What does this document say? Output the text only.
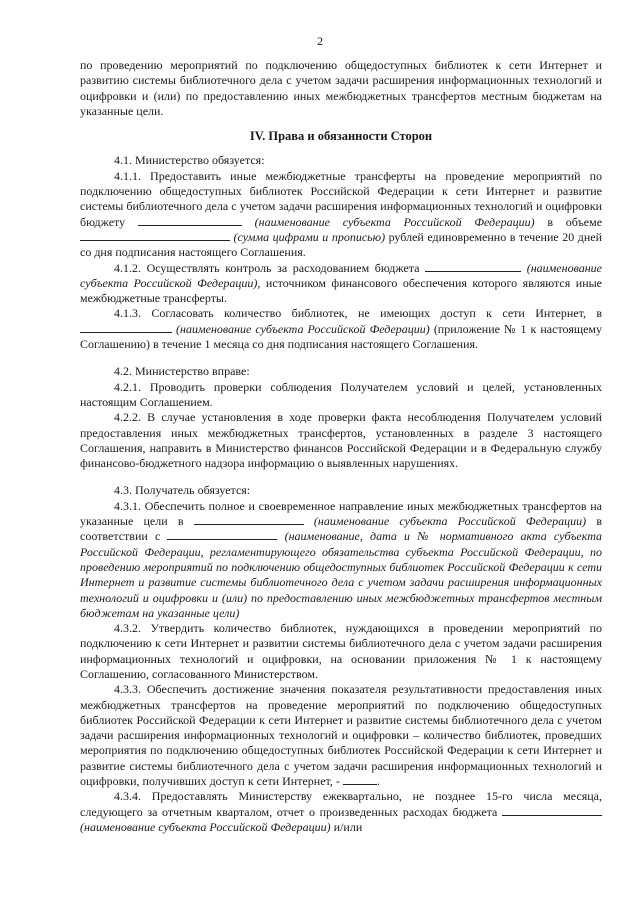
2

по проведению мероприятий по подключению общедоступных библиотек к сети Интернет и развитию системы библиотечного дела с учетом задачи расширения информационных технологий и оцифровки и (или) по предоставлению иных межбюджетных трансфертов местным бюджетам на указанные цели.

IV. Права и обязанности Сторон

4.1. Министерство обязуется:

4.1.1. Предоставить иные межбюджетные трансферты на проведение мероприятий по подключению общедоступных библиотек Российской Федерации к сети Интернет и развитие системы библиотечного дела с учетом задачи расширения информационных технологий и оцифровки бюджету	(наименование субъекта Российской Федерации) в объеме  (сумма цифрами и прописью) рублей единовременно в течение 20 дней со дня подписания настоящего Соглашения.

4.1.2. Осуществлять контроль за расходованием бюджета	(наименование субъекта Российской Федерации), источником финансового обеспечения которого являются иные межбюджетные трансферты.

4.1.3. Согласовать количество библиотек, не имеющих доступ к сети Интернет, в  (наименование субъекта Российской Федерации) (приложение № 1 к настоящему Соглашению) в течение 1 месяца со дня подписания настоящего Соглашения.

4.2. Министерство вправе:

4.2.1. Проводить проверки соблюдения Получателем условий и целей, установленных настоящим Соглашением.

4.2.2. В случае установления в ходе проверки факта несоблюдения Получателем условий предоставления иных межбюджетных трансфертов, установленных в разделе 3 настоящего Соглашения, направить в Министерство финансов Российской Федерации и в Федеральную службу финансово-бюджетного надзора информацию о выявленных нарушениях.

4.3. Получатель обязуется:

4.3.1. Обеспечить полное и своевременное направление иных межбюджетных трансфертов на указанные цели в	(наименование субъекта Российской Федерации) в соответствии с	(наименование, дата и № нормативного акта субъекта Российской Федерации, регламентирующего обязательства субъекта Российской Федерации, по проведению мероприятий по подключению общедоступных библиотек Российской Федерации к сети Интернет и развитие системы библиотечного дела с учетом задачи расширения информационных технологий и оцифровки и (или) по предоставлению иных межбюджетных трансфертов местным бюджетам на указанные цели)

4.3.2. Утвердить количество библиотек, нуждающихся в проведении мероприятий по подключению к сети Интернет и развитии системы библиотечного дела с учетом задачи расширения информационных технологий и оцифровки, на основании приложения № 1 к настоящему Соглашению, согласованного Министерством.

4.3.3. Обеспечить достижение значения показателя результативности предоставления иных межбюджетных трансфертов на проведение мероприятий по подключению общедоступных библиотек Российской Федерации к сети Интернет и развитие системы библиотечного дела с учетом задачи расширения информационных технологий и оцифровки – количество библиотек, проведших мероприятия по подключению общедоступных библиотек Российской Федерации к сети Интернет и развитие системы библиотечного дела с учетом задачи расширения информационных технологий и оцифровки, получивших доступ к сети Интернет, -	.

4.3.4. Предоставлять Министерству ежеквартально, не позднее 15-го числа месяца, следующего за отчетным кварталом, отчет о произведенных расходах бюджета  (наименование субъекта Российской Федерации) и/или
